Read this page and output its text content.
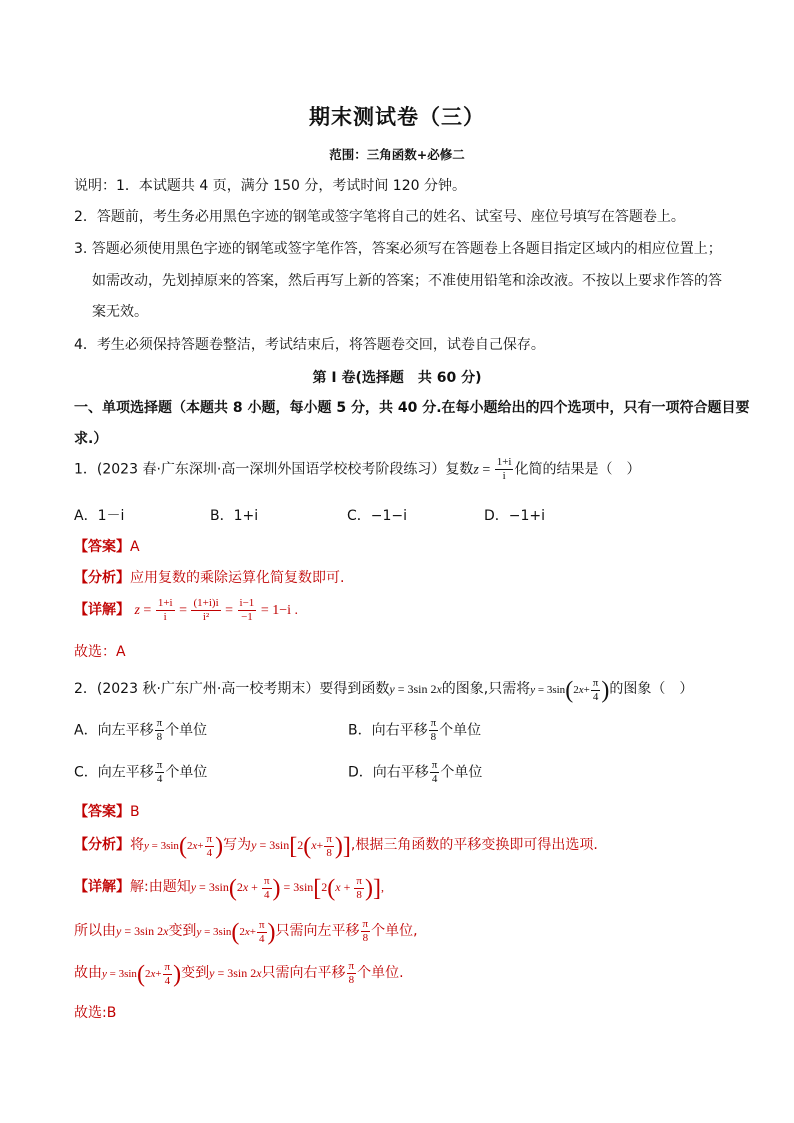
期末测试卷（三）
范围：三角函数+必修二
说明：1．本试题共 4 页，满分 150 分，考试时间 120 分钟。
2．答题前，考生务必用黑色字迹的钢笔或签字笔将自己的姓名、试室号、座位号填写在答题卷上。
3. 答题必须使用黑色字迹的钢笔或签字笔作答，答案必须写在答题卷上各题目指定区域内的相应位置上；
如需改动，先划掉原来的答案，然后再写上新的答案；不准使用铅笔和涂改液。不按以上要求作答的答
案无效。
4．考生必须保持答题卷整洁，考试结束后，将答题卷交回，试卷自己保存。
第 I 卷(选择题　共 60 分)
一、单项选择题（本题共 8 小题，每小题 5 分，共 40 分.在每小题给出的四个选项中，只有一项符合题目要
求.）
1．(2023 春·广东深圳·高一深圳外国语学校校考阶段练习）复数$z = \frac{1+i}{i}$ 化简的结果是（　）
A．1－i	B．1+i	C．−1−i	D．−1+i
【答案】A
【分析】应用复数的乘除运算化简复数即可.
【详解】 $z = \frac{1+i}{i} = \frac{(1+i)i}{\text{i²}} = \frac{i-1}{-1} = 1-i$ .
故选：A
2．(2023 秋·广东广州·高一校考期末）要得到函数y = 3sin 2x的图象,只需将$y = 3\sin(2x+ \frac{\pi}{4}$ )的图象（　）
A．向左平移 $\frac{\pi}{8}$ 个单位	B．向右平移 $\frac{\pi}{8}$ 个单位
C．向左平移 $\frac{\pi}{4}$ 个单位	D．向右平移 $\frac{\pi}{4}$ 个单位
【答案】B
【分析】将$y = 3\sin(2x+ \frac{\pi}{4}$ )写为$y = 3\sin[2(x+ \frac{\pi}{8}$ )],根据三角函数的平移变换即可得出选项.
【详解】解:由题知$y = 3\sin(2x + \frac{\pi}{4}$ ) = $3\sin[2(x + \frac{\pi}{8}$ )],
所以由y = 3sin 2x变到$y = 3\sin(2x+ \frac{\pi}{4}$ )只需向左平移 $\frac{\pi}{8}$ 个单位,
故由$y = 3\sin(2x+ \frac{\pi}{4}$ )变到y = 3sin 2x只需向右平移 $\frac{\pi}{8}$ 个单位.
故选:B
